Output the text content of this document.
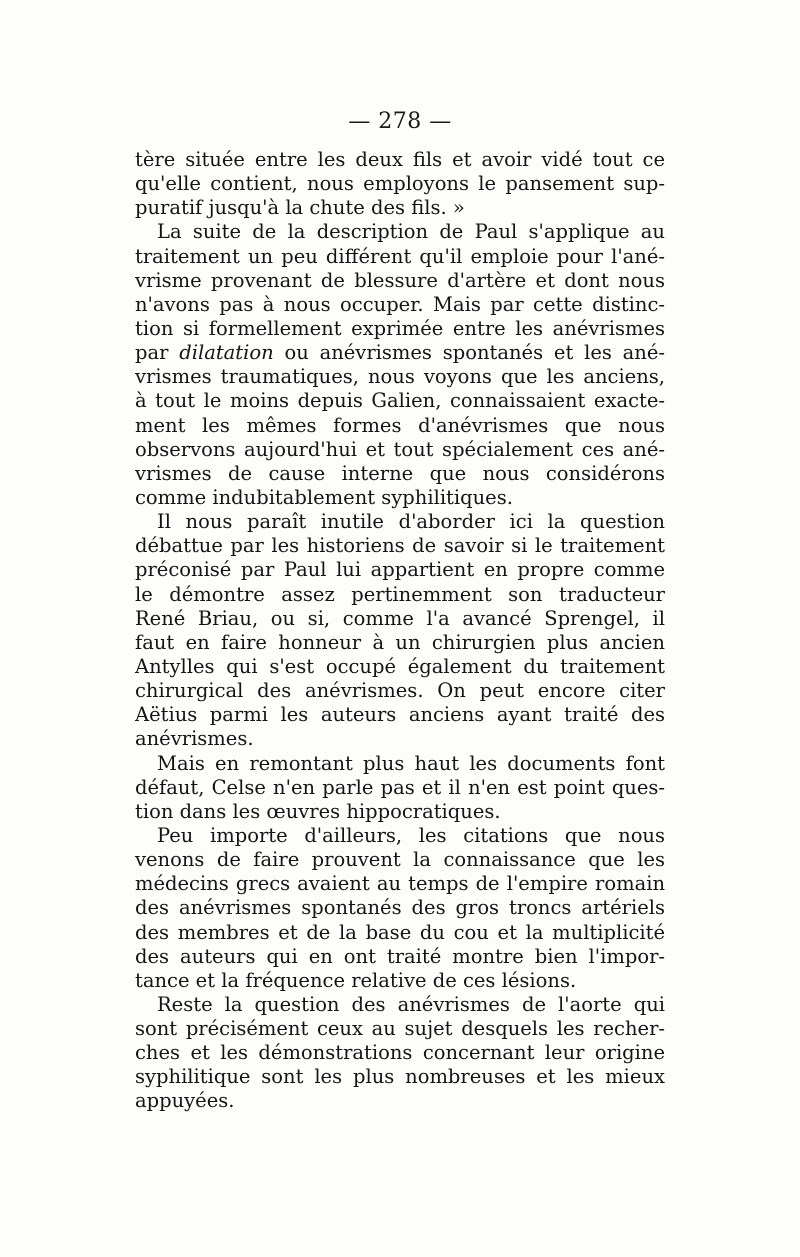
— 278 —
tère située entre les deux fils et avoir vidé tout ce
qu'elle contient, nous employons le pansement sup-
puratif jusqu'à la chute des fils. »
La suite de la description de Paul s'applique au
traitement un peu différent qu'il emploie pour l'ané-
vrisme provenant de blessure d'artère et dont nous
n'avons pas à nous occuper. Mais par cette distinc-
tion si formellement exprimée entre les anévrismes
par dilatation ou anévrismes spontanés et les ané-
vrismes traumatiques, nous voyons que les anciens,
à tout le moins depuis Galien, connaissaient exacte-
ment les mêmes formes d'anévrismes que nous
observons aujourd'hui et tout spécialement ces ané-
vrismes de cause interne que nous considérons
comme indubitablement syphilitiques.
Il nous paraît inutile d'aborder ici la question
débattue par les historiens de savoir si le traitement
préconisé par Paul lui appartient en propre comme
le démontre assez pertinemment son traducteur
René Briau, ou si, comme l'a avancé Sprengel, il
faut en faire honneur à un chirurgien plus ancien
Antylles qui s'est occupé également du traitement
chirurgical des anévrismes. On peut encore citer
Aëtius parmi les auteurs anciens ayant traité des
anévrismes.
Mais en remontant plus haut les documents font
défaut, Celse n'en parle pas et il n'en est point ques-
tion dans les œuvres hippocratiques.
Peu importe d'ailleurs, les citations que nous
venons de faire prouvent la connaissance que les
médecins grecs avaient au temps de l'empire romain
des anévrismes spontanés des gros troncs artériels
des membres et de la base du cou et la multiplicité
des auteurs qui en ont traité montre bien l'impor-
tance et la fréquence relative de ces lésions.
Reste la question des anévrismes de l'aorte qui
sont précisément ceux au sujet desquels les recher-
ches et les démonstrations concernant leur origine
syphilitique sont les plus nombreuses et les mieux
appuyées.
